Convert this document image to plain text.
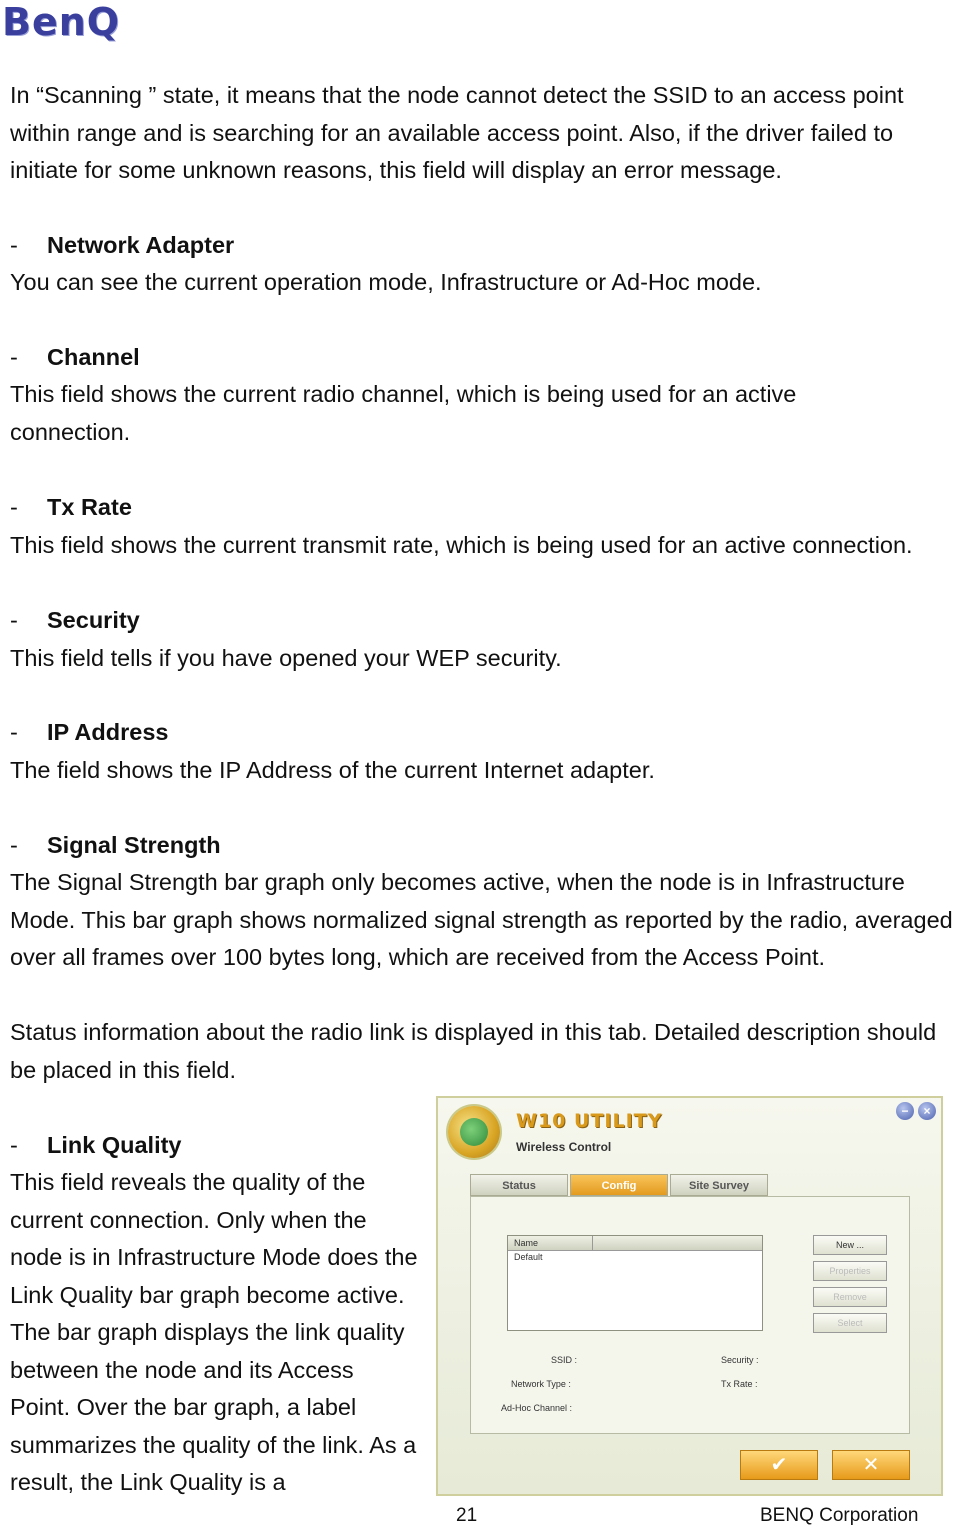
BenQ

In “Scanning ” state, it means that the node cannot detect the SSID to an access point within range and is searching for an available access point. Also, if the driver failed to initiate for some unknown reasons, this field will display an error message.

- Network Adapter

You can see the current operation mode, Infrastructure or Ad-Hoc mode.

- Channel

This field shows the current radio channel, which is being used for an active connection.

- Tx Rate

This field shows the current transmit rate, which is being used for an active connection.

- Security

This field tells if you have opened your WEP security.

- IP Address

The field shows the IP Address of the current Internet adapter.

- Signal Strength

The Signal Strength bar graph only becomes active, when the node is in Infrastructure Mode. This bar graph shows normalized signal strength as reported by the radio, averaged over all frames over 100 bytes long, which are received from the Access Point.

Status information about the radio link is displayed in this tab. Detailed description should be placed in this field.

- Link Quality

This field reveals the quality of the current connection. Only when the node is in Infrastructure Mode does the Link Quality bar graph become active. The bar graph displays the link quality between the node and its Access Point. Over the bar graph, a label summarizes the quality of the link. As a result, the Link Quality is a

W10 UTILITY
Wireless Control
−	×
Status	Config	Site Survey
Name
Default
New ...
Properties
Remove
Select
SSID :	Security :
Network Type :	Tx Rate :
Ad-Hoc Channel :
✔	✕
21	BENQ Corporation
